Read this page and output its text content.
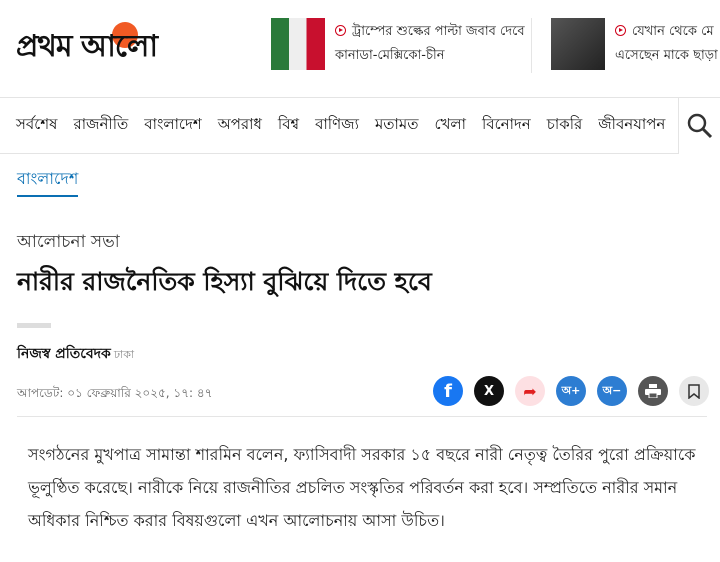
প্রথম আলো	ট্রাম্পের শুল্কের পাল্টা জবাব দেবে কানাডা-মেক্সিকো-চীন
যেখান থেকে মে এসেছেন মাকে ছাড়া
সর্বশেষ রাজনীতি বাংলাদেশ অপরাধ বিশ্ব বাণিজ্য মতামত খেলা বিনোদন চাকরি জীবনযাপন
বাংলাদেশ
আলোচনা সভা
নারীর রাজনৈতিক হিস্যা বুঝিয়ে দিতে হবে
নিজস্ব প্রতিবেদক ঢাকা
আপডেট: ০১ ফেব্রুয়ারি ২০২৫, ১৭: ৪৭	f	X	➦	অ+	অ−

সংগঠনের মুখপাত্র সামান্তা শারমিন বলেন, ফ্যাসিবাদী সরকার ১৫ বছরে নারী নেতৃত্ব তৈরির পুরো প্রক্রিয়াকে ভূলুণ্ঠিত করেছে। নারীকে নিয়ে রাজনীতির প্রচলিত সংস্কৃতির পরিবর্তন করা হবে। সম্প্রতিতে নারীর সমান অধিকার নিশ্চিত করার বিষয়গুলো এখন আলোচনায় আসা উচিত।
